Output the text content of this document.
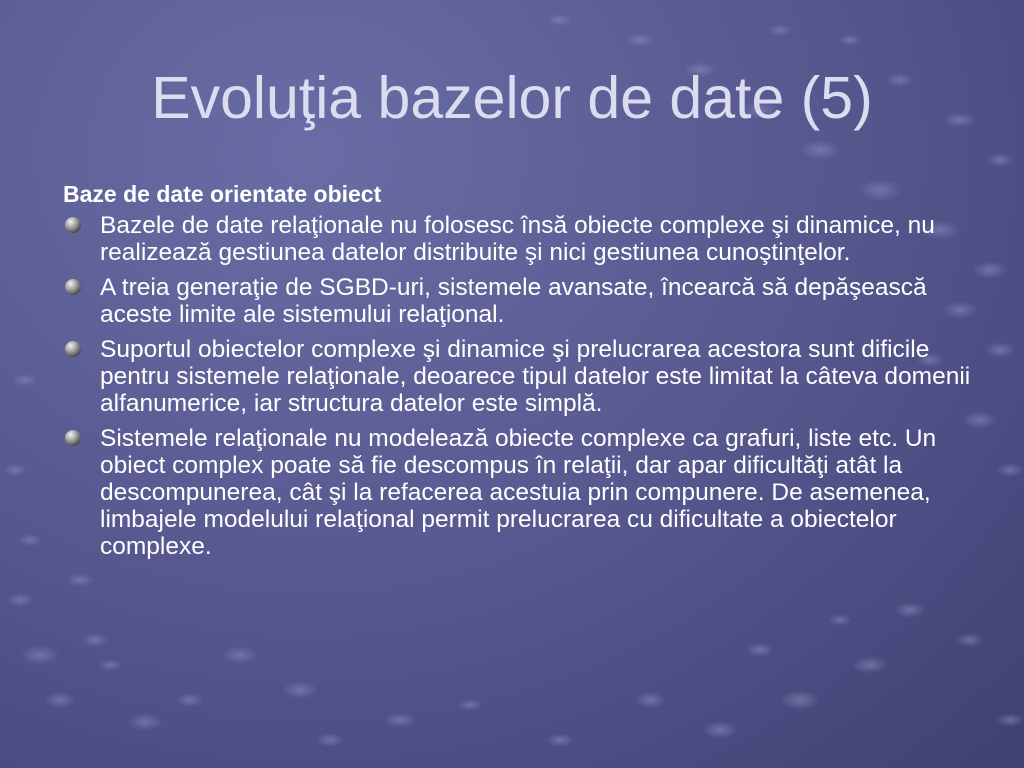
Evoluţia bazelor de date (5)
Baze de date orientate obiect
Bazele de date relaţionale nu folosesc însă obiecte complexe şi dinamice, nu realizează gestiunea datelor distribuite şi nici gestiunea cunoştinţelor.
A treia generaţie de SGBD-uri, sistemele avansate, încearcă să depăşească aceste limite ale sistemului relaţional.
Suportul obiectelor complexe şi dinamice şi prelucrarea acestora sunt dificile pentru sistemele relaţionale, deoarece tipul datelor este limitat la câteva domenii alfanumerice, iar structura datelor este simplă.
Sistemele relaţionale nu modelează obiecte complexe ca grafuri, liste etc. Un obiect complex poate să fie descompus în relaţii, dar apar dificultăţi atât la descompunerea, cât şi la refacerea acestuia prin compunere. De asemenea, limbajele modelului relaţional permit prelucrarea cu dificultate a obiectelor complexe.
